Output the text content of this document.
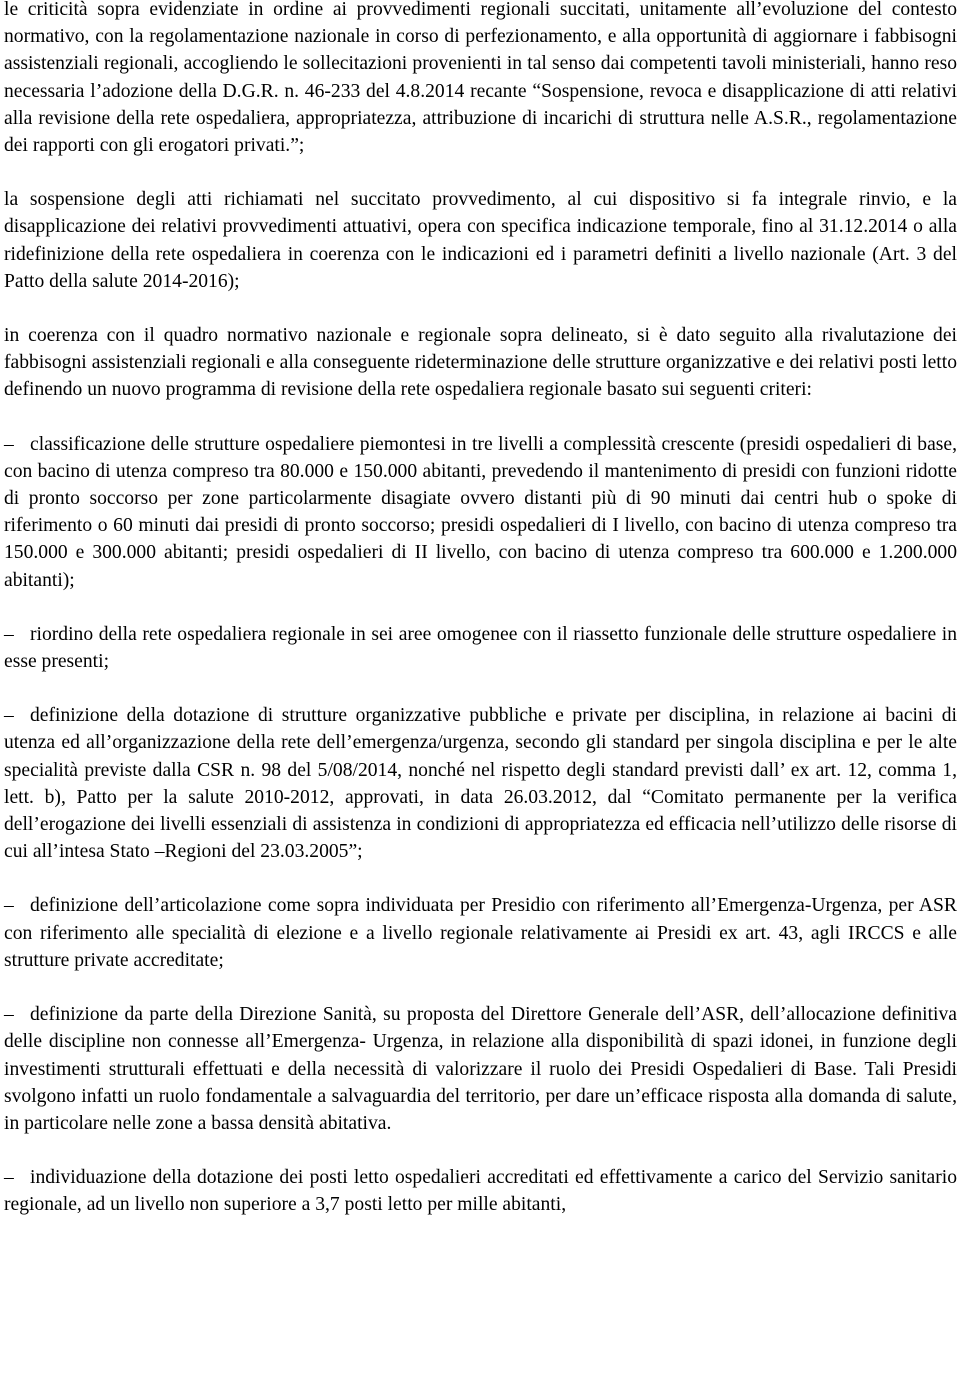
le criticità sopra evidenziate in ordine ai provvedimenti regionali succitati, unitamente all’evoluzione del contesto normativo, con la regolamentazione nazionale in corso di perfezionamento, e alla opportunità di aggiornare i fabbisogni assistenziali regionali, accogliendo le sollecitazioni provenienti in tal senso dai competenti tavoli ministeriali, hanno reso necessaria l’adozione della D.G.R. n. 46-233 del 4.8.2014 recante “Sospensione, revoca e disapplicazione di atti relativi alla revisione della rete ospedaliera, appropriatezza, attribuzione di incarichi di struttura nelle A.S.R., regolamentazione dei rapporti con gli erogatori privati.”;

la sospensione degli atti richiamati nel succitato provvedimento, al cui dispositivo si fa integrale rinvio, e la disapplicazione dei relativi provvedimenti attuativi, opera con specifica indicazione temporale, fino al 31.12.2014 o alla ridefinizione della rete ospedaliera in coerenza con le indicazioni ed i parametri definiti a livello nazionale (Art. 3 del Patto della salute 2014-2016);

in coerenza con il quadro normativo nazionale e regionale sopra delineato, si è dato seguito alla rivalutazione dei fabbisogni assistenziali regionali e alla conseguente rideterminazione delle strutture organizzative e dei relativi posti letto definendo un nuovo programma di revisione della rete ospedaliera regionale basato sui seguenti criteri:

– classificazione delle strutture ospedaliere piemontesi in tre livelli a complessità crescente (presidi ospedalieri di base, con bacino di utenza compreso tra 80.000 e 150.000 abitanti, prevedendo il mantenimento di presidi con funzioni ridotte di pronto soccorso per zone particolarmente disagiate ovvero distanti più di 90 minuti dai centri hub o spoke di riferimento o 60 minuti dai presidi di pronto soccorso; presidi ospedalieri di I livello, con bacino di utenza compreso tra 150.000 e 300.000 abitanti; presidi ospedalieri di II livello, con bacino di utenza compreso tra 600.000 e 1.200.000 abitanti);

– riordino della rete ospedaliera regionale in sei aree omogenee con il riassetto funzionale delle strutture ospedaliere in esse presenti;

– definizione della dotazione di strutture organizzative pubbliche e private per disciplina, in relazione ai bacini di utenza ed all’organizzazione della rete dell’emergenza/urgenza, secondo gli standard per singola disciplina e per le alte specialità previste dalla CSR n. 98 del 5/08/2014, nonché nel rispetto degli standard previsti dall’ ex art. 12, comma 1, lett. b), Patto per la salute 2010-2012, approvati, in data 26.03.2012, dal “Comitato permanente per la verifica dell’erogazione dei livelli essenziali di assistenza in condizioni di appropriatezza ed efficacia nell’utilizzo delle risorse di cui all’intesa Stato –Regioni del 23.03.2005”;

– definizione dell’articolazione come sopra individuata per Presidio con riferimento all’Emergenza-Urgenza, per ASR con riferimento alle specialità di elezione e a livello regionale relativamente ai Presidi ex art. 43, agli IRCCS e alle strutture private accreditate;

– definizione da parte della Direzione Sanità, su proposta del Direttore Generale dell’ASR, dell’allocazione definitiva delle discipline non connesse all’Emergenza- Urgenza, in relazione alla disponibilità di spazi idonei, in funzione degli investimenti strutturali effettuati e della necessità di valorizzare il ruolo dei Presidi Ospedalieri di Base. Tali Presidi svolgono infatti un ruolo fondamentale a salvaguardia del territorio, per dare un’efficace risposta alla domanda di salute, in particolare nelle zone a bassa densità abitativa.

– individuazione della dotazione dei posti letto ospedalieri accreditati ed effettivamente a carico del Servizio sanitario regionale, ad un livello non superiore a 3,7 posti letto per mille abitanti,
